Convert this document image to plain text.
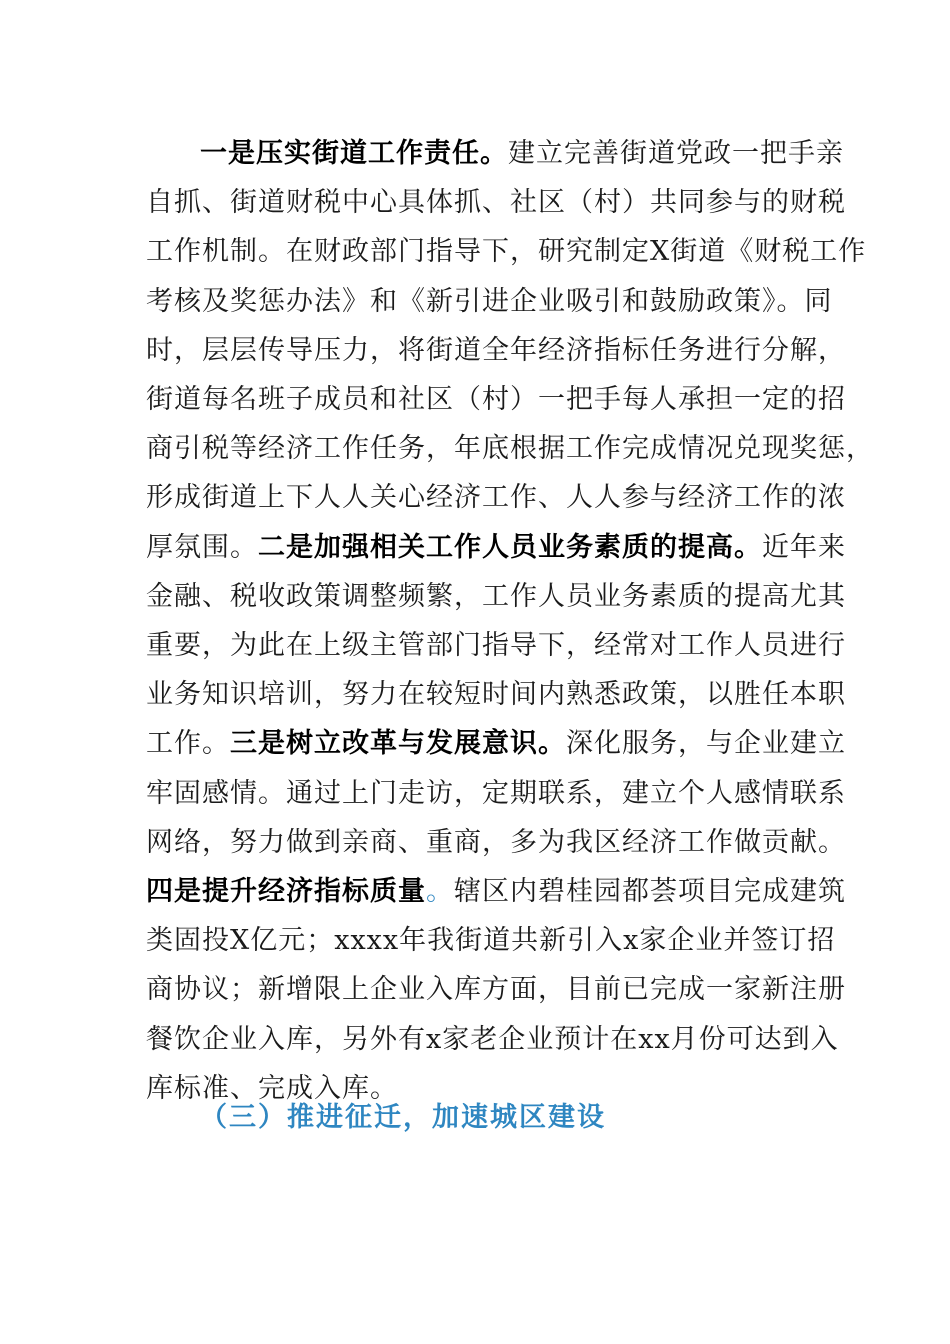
一是压实街道工作责任。建立完善街道党政一把手亲
自抓、街道财税中心具体抓、社区（村）共同参与的财税
工作机制。在财政部门指导下，研究制定X街道《财税工作
考核及奖惩办法》和《新引进企业吸引和鼓励政策》。同
时，层层传导压力，将街道全年经济指标任务进行分解，
街道每名班子成员和社区（村）一把手每人承担一定的招
商引税等经济工作任务，年底根据工作完成情况兑现奖惩，
形成街道上下人人关心经济工作、人人参与经济工作的浓
厚氛围。二是加强相关工作人员业务素质的提高。近年来
金融、税收政策调整频繁，工作人员业务素质的提高尤其
重要，为此在上级主管部门指导下，经常对工作人员进行
业务知识培训，努力在较短时间内熟悉政策，以胜任本职
工作。三是树立改革与发展意识。深化服务，与企业建立
牢固感情。通过上门走访，定期联系，建立个人感情联系
网络，努力做到亲商、重商，多为我区经济工作做贡献。
四是提升经济指标质量。辖区内碧桂园都荟项目完成建筑
类固投X亿元；xxxx年我街道共新引入x家企业并签订招
商协议；新增限上企业入库方面，目前已完成一家新注册
餐饮企业入库，另外有x家老企业预计在xx月份可达到入
库标准、完成入库。
（三）推进征迁，加速城区建设
